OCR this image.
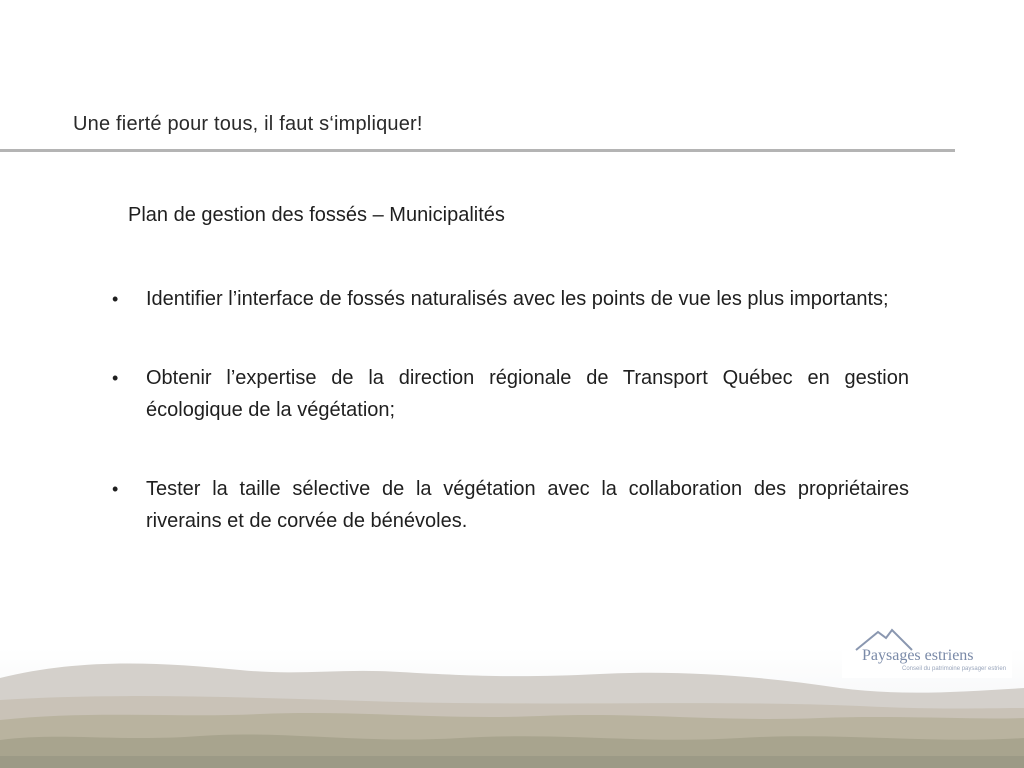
Une fierté pour tous, il faut s‘impliquer!
Plan de gestion des fossés – Municipalités
• Identifier l’interface de fossés naturalisés avec les points de vue les plus importants;
• Obtenir l’expertise de la direction régionale de Transport Québec en gestion écologique de la végétation;
• Tester la taille sélective de la végétation avec la collaboration des propriétaires riverains et de corvée de bénévoles.
Paysages estriens
Conseil du patrimoine paysager estrien
